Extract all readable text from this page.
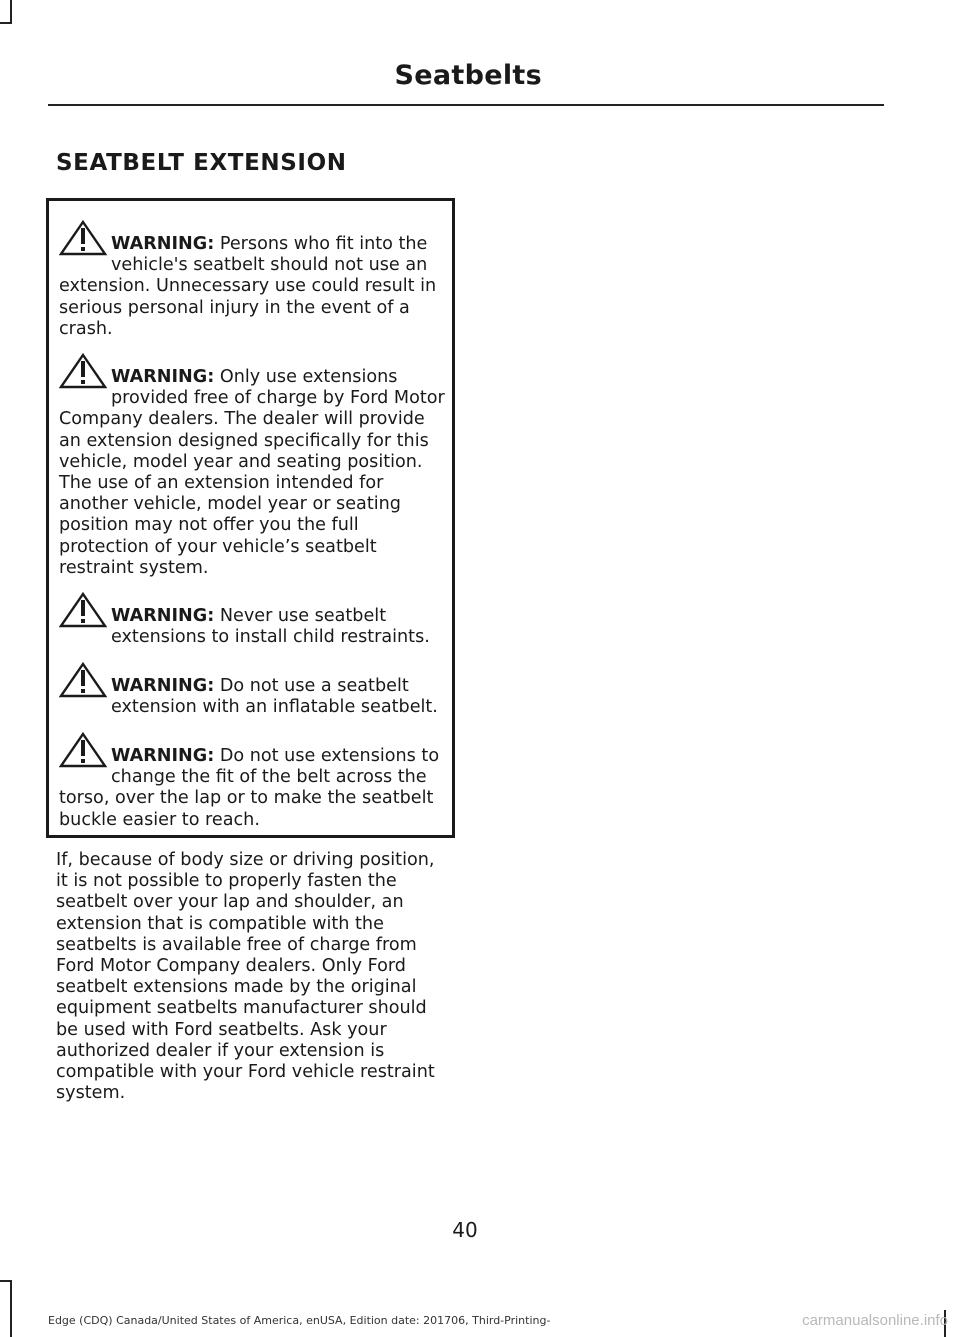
Seatbelts
SEATBELT EXTENSION

WARNING: Persons who fit into the vehicle's seatbelt should not use an extension. Unnecessary use could result in serious personal injury in the event of a crash.

WARNING: Only use extensions provided free of charge by Ford Motor Company dealers. The dealer will provide an extension designed specifically for this vehicle, model year and seating position. The use of an extension intended for another vehicle, model year or seating position may not offer you the full protection of your vehicle’s seatbelt restraint system.

WARNING: Never use seatbelt extensions to install child restraints.

WARNING: Do not use a seatbelt extension with an inflatable seatbelt.

WARNING: Do not use extensions to change the fit of the belt across the torso, over the lap or to make the seatbelt buckle easier to reach.

If, because of body size or driving position, it is not possible to properly fasten the seatbelt over your lap and shoulder, an extension that is compatible with the seatbelts is available free of charge from Ford Motor Company dealers. Only Ford seatbelt extensions made by the original equipment seatbelts manufacturer should be used with Ford seatbelts. Ask your authorized dealer if your extension is compatible with your Ford vehicle restraint system.

40
Edge (CDQ) Canada/United States of America, enUSA, Edition date: 201706, Third-Printing-	carmanualsonline.info
